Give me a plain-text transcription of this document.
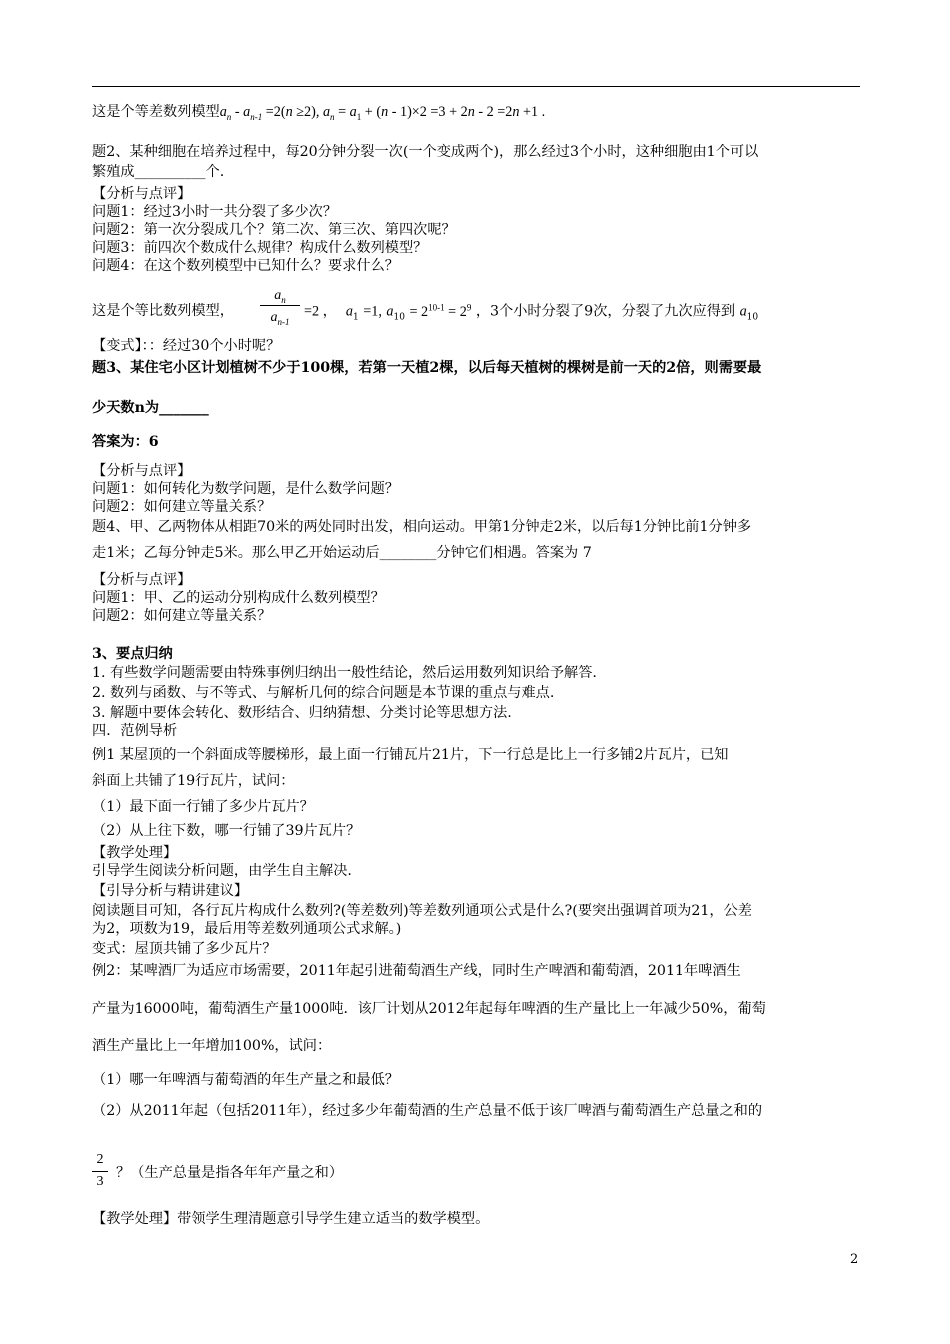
这是个等差数列模型$a_n - a_{n-1} =2(n \ge 2)$, $a_n = a_1 + (n - 1)\times 2 =3 + 2n - 2 =2n +1$ .
题2、某种细胞在培养过程中，每20分钟分裂一次(一个变成两个)，那么经过3个小时，这种细胞由1个可以
繁殖成__________个.
【分析与点评】
问题1：经过3小时一共分裂了多少次？
问题2：第一次分裂成几个？第二次、第三次、第四次呢？
问题3：前四次个数成什么规律？构成什么数列模型？
问题4：在这个数列模型中已知什么？要求什么？
【变式】：：经过30个小时呢？
题3、某住宅小区计划植树不少于100棵，若第一天植2棵，以后每天植树的棵树是前一天的2倍，则需要最
少天数n为_______
答案为：6
【分析与点评】
问题1：如何转化为数学问题，是什么数学问题？
问题2：如何建立等量关系？
题4、甲、乙两物体从相距70米的两处同时出发，相向运动。甲第1分钟走2米，以后每1分钟比前1分钟多
走1米；乙每分钟走5米。那么甲乙开始运动后________分钟它们相遇。答案为 7
【分析与点评】
问题1：甲、乙的运动分别构成什么数列模型？
问题2：如何建立等量关系？
3、要点归纳
1. 有些数学问题需要由特殊事例归纳出一般性结论，然后运用数列知识给予解答.
2. 数列与函数、与不等式、与解析几何的综合问题是本节课的重点与难点.
3. 解题中要体会转化、数形结合、归纳猜想、分类讨论等思想方法.
四．范例导析
例1 某屋顶的一个斜面成等腰梯形，最上面一行铺瓦片21片，下一行总是比上一行多铺2片瓦片，已知
斜面上共铺了19行瓦片，试问：
（1）最下面一行铺了多少片瓦片？
（2）从上往下数，哪一行铺了39片瓦片？
【教学处理】
引导学生阅读分析问题，由学生自主解决.
【引导分析与精讲建议】
阅读题目可知，各行瓦片构成什么数列?(等差数列)等差数列通项公式是什么?(要突出强调首项为21，公差
为2，项数为19，最后用等差数列通项公式求解。)
变式：屋顶共铺了多少瓦片？
例2：某啤酒厂为适应市场需要，2011年起引进葡萄酒生产线，同时生产啤酒和葡萄酒，2011年啤酒生
产量为16000吨，葡萄酒生产量1000吨．该厂计划从2012年起每年啤酒的生产量比上一年减少50%，葡萄
酒生产量比上一年增加100%，试问：
（1）哪一年啤酒与葡萄酒的年生产量之和最低？
（2）从2011年起（包括2011年），经过多少年葡萄酒的生产总量不低于该厂啤酒与葡萄酒生产总量之和的
【教学处理】带领学生理清题意引导学生建立适当的数学模型。
这是个等比数列模型，
$a_n$
$a_{n-1}$
=2 ， $a_1 =1$, $a_{10} = 2^{10-1} = 2^9$ ，3个小时分裂了9次，分裂了九次应得到 $a_{10}$
2
3
？（生产总量是指各年年产量之和）
2
